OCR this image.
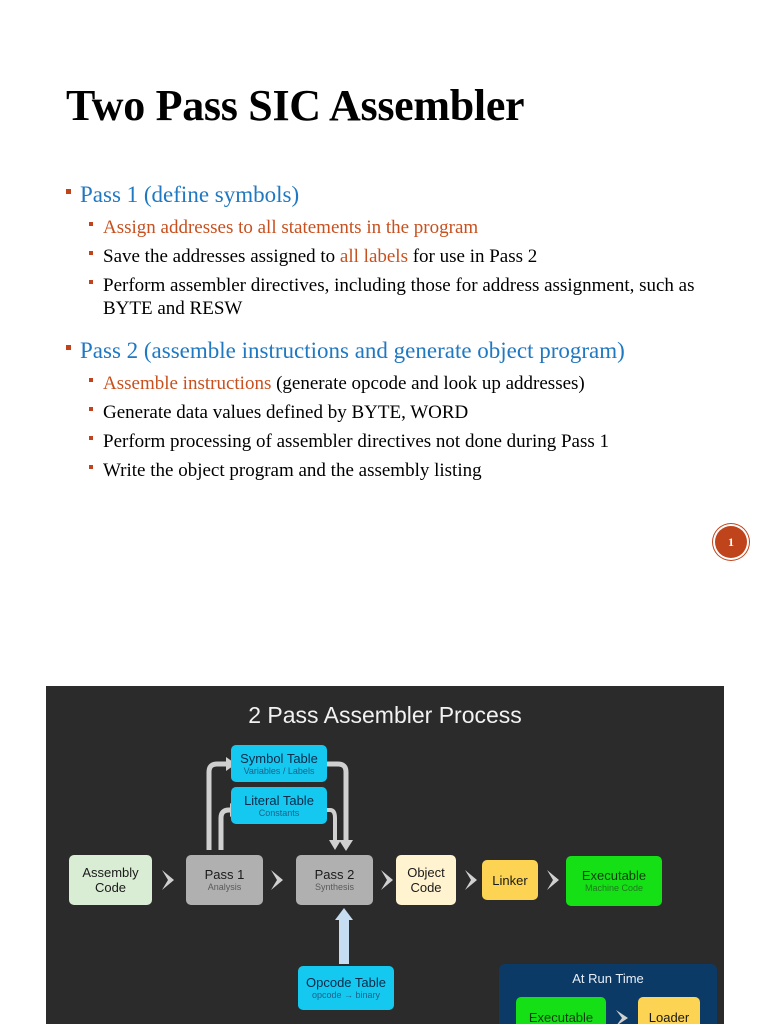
Two Pass SIC Assembler
Pass 1 (define symbols)
Assign addresses to all statements in the program
Save the addresses assigned to all labels for use in Pass 2
Perform assembler directives, including those for address assignment, such as BYTE and RESW
Pass 2 (assemble instructions and generate object program)
Assemble instructions (generate opcode and look up addresses)
Generate data values defined by BYTE, WORD
Perform processing of assembler directives not done during Pass 1
Write the object program and the assembly listing
1
2 Pass Assembler Process
Symbol Table
Variables / Labels
Literal Table
Constants
Assembly
Code
Pass 1
Analysis
Pass 2
Synthesis
Object
Code	Linker	Executable
Machine Code
Opcode Table
opcode → binary
At Run Time
Executable	Loader
